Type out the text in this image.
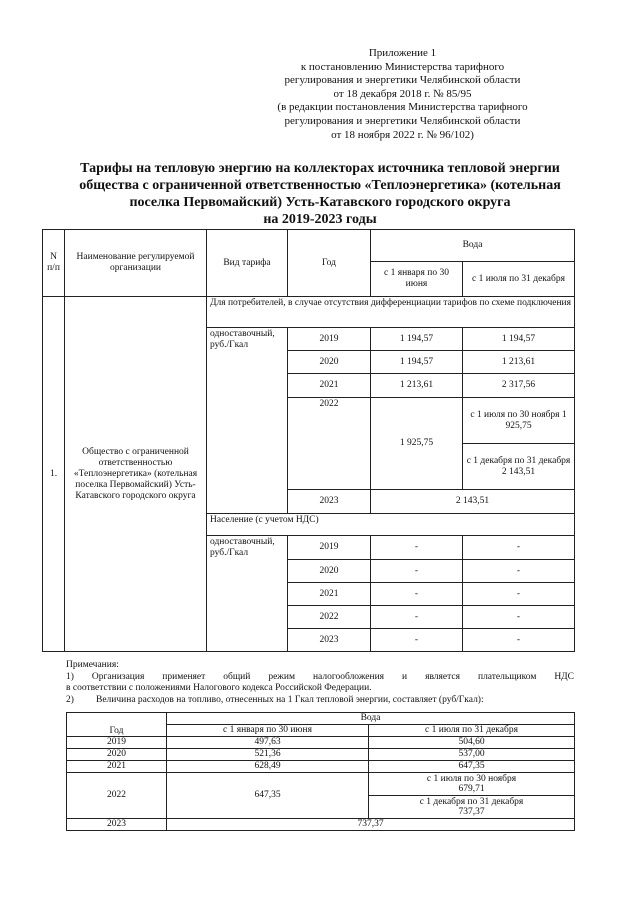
Приложение 1
к постановлению Министерства тарифного
регулирования и энергетики Челябинской области
от 18 декабря 2018 г. № 85/95
(в редакции постановления Министерства тарифного
регулирования и энергетики Челябинской области
от 18 ноября 2022 г. № 96/102)
Тарифы на тепловую энергию на коллекторах источника тепловой энергии
общества с ограниченной ответственностью «Теплоэнергетика» (котельная
поселка Первомайский) Усть-Катавского городского округа
на 2019-2023 годы
N п/п	Наименование регулируемой организации	Вид тарифа	Год	Вода	
				с 1 января по 30 июня	с 1 июля по 31 декабря
1.	Общество с ограниченной ответственностью «Теплоэнергетика» (котельная поселка Первомайский) Усть-Катавского городского округа	Для потребителей, в случае отсутствия дифференциации тарифов по схеме подключения			
		одноставочный, руб./Гкал	2019	1 194,57	1 194,57
			2020	1 194,57	1 213,61
			2021	1 213,61	2 317,56
			2022	1 925,75	с 1 июля по 30 ноября 1 925,75
					с 1 декабря по 31 декабря 2 143,51
			2023	2 143,51	
		Население (с учетом НДС)			
		одноставочный, руб./Гкал	2019	-	-
			2020	-	-
			2021	-	-
			2022	-	-
			2023	-	-
Примечания:
1) Организация применяет общий режим налогообложения и является плательщиком НДС
в соответствии с положениями Налогового кодекса Российской Федерации.
2)	Величина расходов на топливо, отнесенных на 1 Гкал тепловой энергии, составляет (руб/Гкал):
Год	Вода	
	с 1 января по 30 июня	с 1 июля по 31 декабря
2019	497,63	504,60
2020	521,36	537,00
2021	628,49	647,35
2022	647,35	с 1 июля по 30 ноября
679,71

		с 1 декабря по 31 декабря
737,37

2023	737,37	
